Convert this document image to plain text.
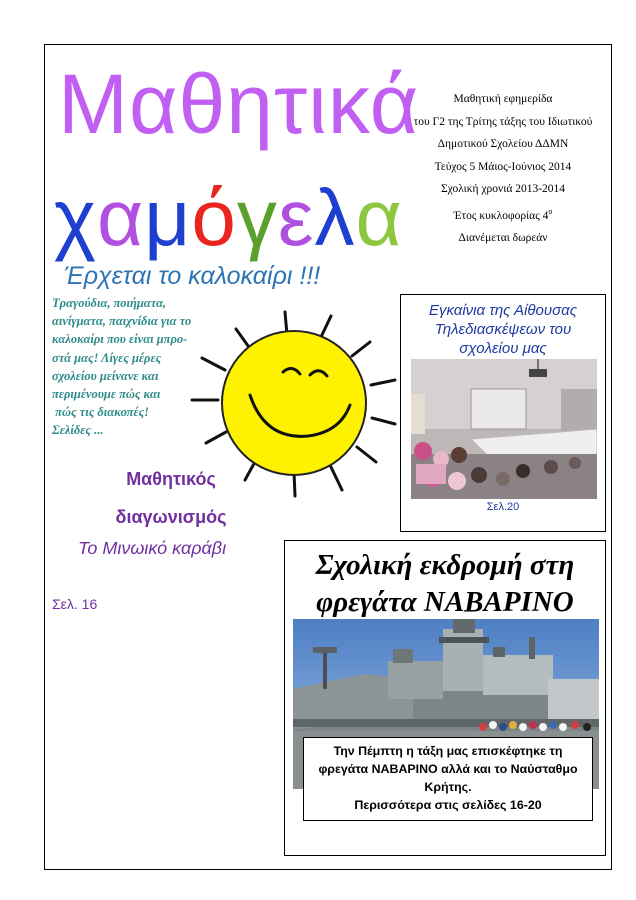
Μαθητικά
χαμόγελα
Μαθητική εφημερίδα
του Γ2 της Τρίτης τάξης του Ιδιωτικού
Δημοτικού Σχολείου ΔΔΜΝ
Τεύχος 5 Μάιος-Ιούνιος 2014
Σχολική χρονιά 2013-2014
Έτος κυκλοφορίας $4^o$
Διανέμεται δωρεάν
Έρχεται το καλοκαίρι !!!
Τραγούδια, ποιήματα,
αινίγματα, παιχνίδια για το
καλοκαίρι που είναι μπρο-
στά μας! Λίγες μέρες
σχολείου μείνανε και
περιμένουμε πώς και
πώς τις διακοπές!
Σελίδες ...
Μαθητικός
διαγωνισμός
Το Μινωικό καράβι
Σελ. 16
Εγκαίνια της Αίθουσας
Τηλεδιασκέψεων του
σχολείου μας
Σελ.20
Σχολική εκδρομή στη
φρεγάτα ΝΑΒΑΡΙΝΟ
Την Πέμπτη η τάξη μας επισκέφτηκε τη
φρεγάτα ΝΑΒΑΡΙΝΟ αλλά και το Ναύσταθμο
Κρήτης.
Περισσότερα στις σελίδες 16-20
